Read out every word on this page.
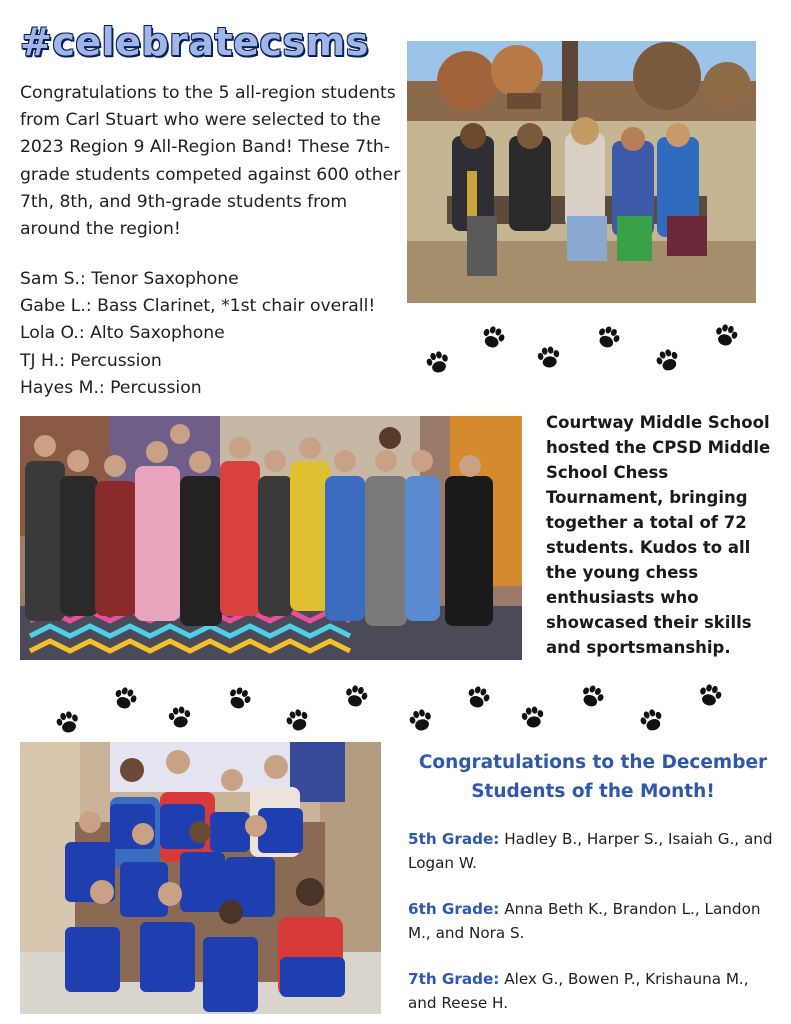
#celebratecsms
Congratulations to the 5 all-region students from Carl Stuart who were selected to the 2023 Region 9 All-Region Band! These 7th-grade students competed against 600 other 7th, 8th, and 9th-grade students from around the region!
Sam S.: Tenor Saxophone
Gabe L.: Bass Clarinet, *1st chair overall!
Lola O.: Alto Saxophone
TJ H.: Percussion
Hayes M.: Percussion
Courtway Middle School hosted the CPSD Middle School Chess Tournament, bringing together a total of 72 students. Kudos to all the young chess enthusiasts who showcased their skills and sportsmanship.
Congratulations to the December
Students of the Month!
5th Grade: Hadley B., Harper S., Isaiah G., and Logan W.
6th Grade: Anna Beth K., Brandon L., Landon M., and Nora S.
7th Grade: Alex G., Bowen P., Krishauna M., and Reese H.
